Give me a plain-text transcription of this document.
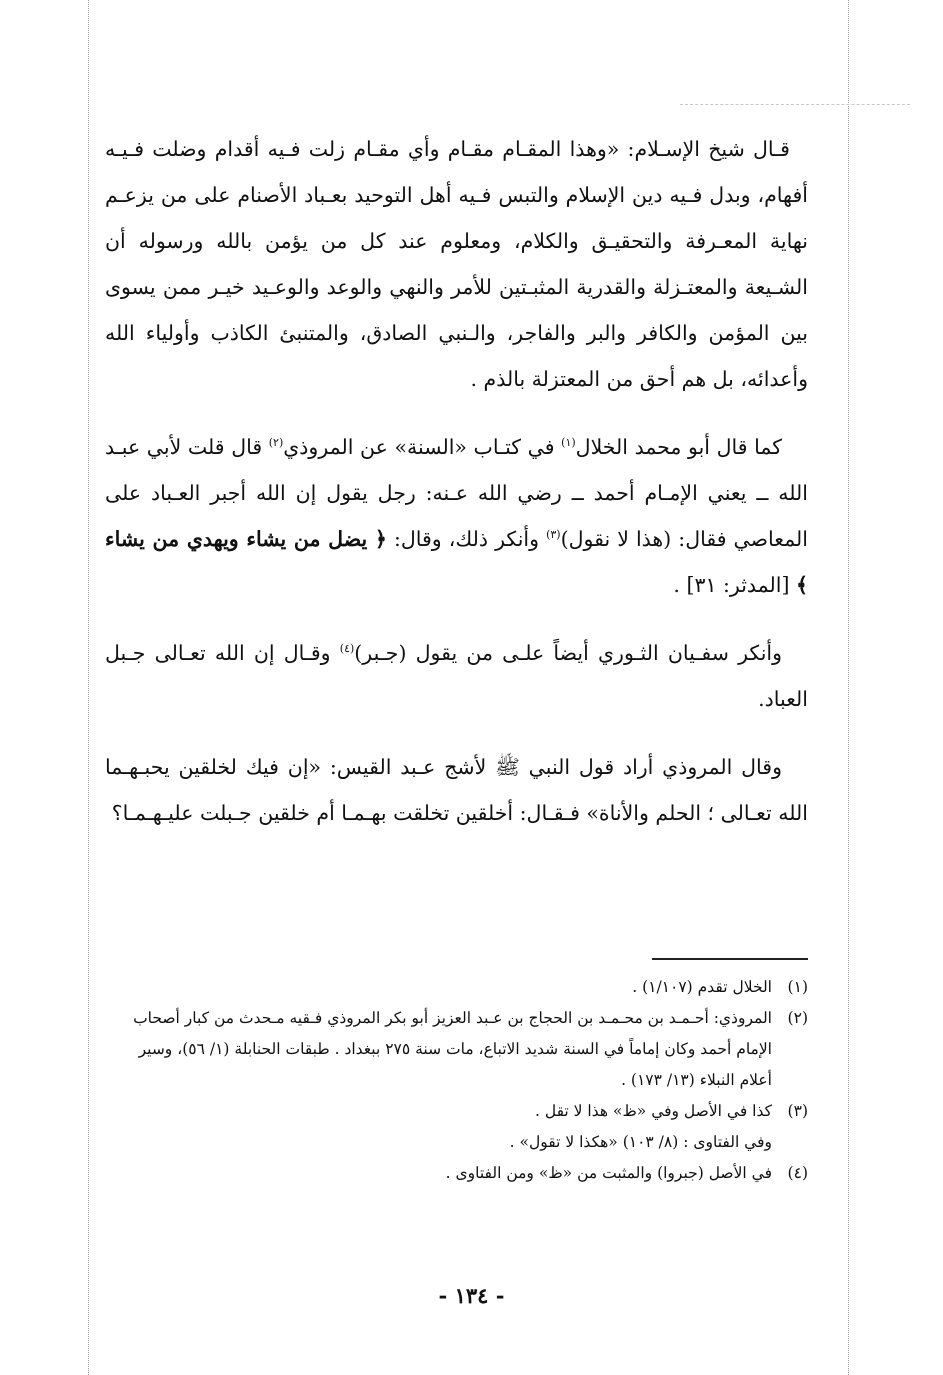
قـال شيخ الإسـلام: «وهذا المقـام مقـام وأي مقـام زلت فـيه أقدام وضلت فـيـه أفهام، وبدل فـيه دين الإسلام والتبس فـيه أهل التوحيد بعـباد الأصنام على من يزعـم نهاية المعـرفة والتحقيـق والكلام، ومعلوم عند كل من يؤمن بالله ورسوله أن الشـيعة والمعتـزلة والقدرية المثبـتين للأمر والنهي والوعد والوعـيد خيـر ممن يسوى بين المؤمن والكافر والبر والفاجر، والـنبي الصادق، والمتنبئ الكاذب وأولياء الله وأعدائه، بل هم أحق من المعتزلة بالذم .

كما قال أبو محمد الخلال$^{(١)}$ في كتـاب «السنة» عن المروذي$^{(٢)}$ قال قلت لأبي عبـد الله ــ يعني الإمـام أحمد ــ رضي الله عـنه: رجل يقول إن الله أجبر العـباد على المعاصي فقال: (هذا لا نقول)$^{(٣)}$ وأنكر ذلك، وقال: ﴿ يضل من يشاء ويهدي من يشاء ﴾ [المدثر: ٣١] .

وأنكر سفـيان الثـوري أيضاً علـى من يقول (جـبر)$^{(٤)}$ وقـال إن الله تعـالى جـبل العباد.

وقال المروذي أراد قول النبي ﷺ لأشج عـبد القيس: «إن فيك لخلقين يحبـهـما الله تعـالى ؛ الحلم والأناة» فـقـال: أخلقين تخلقت بهـمـا أم خلقين جـبلت عليـهـمـا؟

(١)
الخلال تقدم (١/١٠٧) .
(٢)
المروذي: أحـمـد بن محـمـد بن الحجاج بن عـبد العزيز أبو بكر المروذي فـقيه مـحدث من كبار أصحاب الإمام أحمد وكان إماماً في السنة شديد الاتباع، مات سنة ٢٧٥ ببغداد . طبقات الحنابلة (١/ ٥٦)، وسير أعلام النبلاء (١٣/ ١٧٣) .
(٣)
كذا في الأصل وفي «ظ» هذا لا تقل .
وفي الفتاوى : (٨/ ١٠٣) «هكذا لا تقول» .
(٤)
في الأصل (جبروا) والمثبت من «ظ» ومن الفتاوى .
- ١٣٤ -
